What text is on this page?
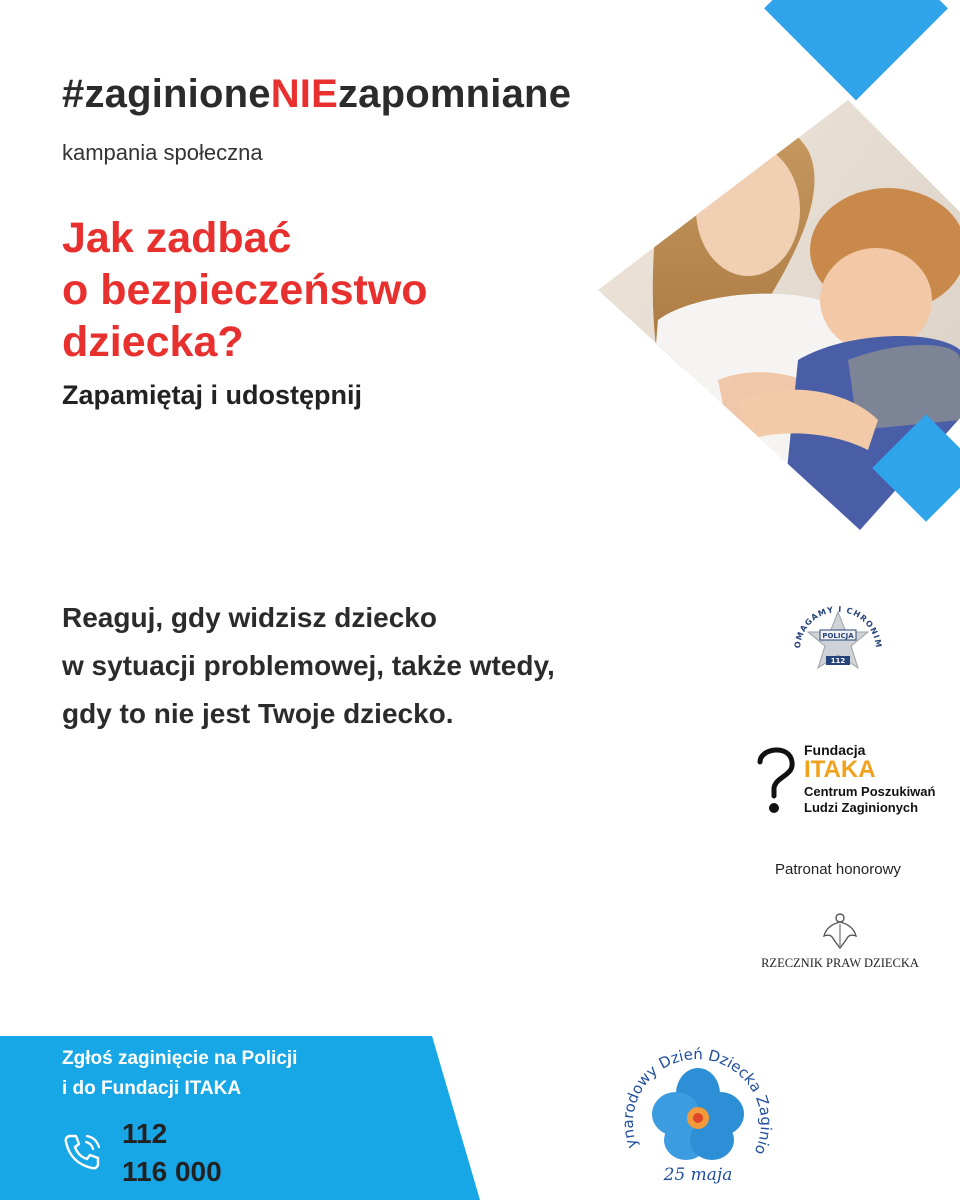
#zaginioneNIEzapomniane
kampania społeczna
Jak zadbać
o bezpieczeństwo
dziecka?
Zapamiętaj i udostępnij
Reaguj, gdy widzisz dziecko
w sytuacji problemowej, także wtedy,
gdy to nie jest Twoje dziecko.
POLICJA
112
OMAGAMY I CHRONIM
Fundacja
ITAKA
Centrum Poszukiwań
Ludzi Zaginionych
Patronat honorowy
RZECZNIK PRAW DZIECKA
Zgłoś zaginięcie na Policji
i do Fundacji ITAKA
112
116 000
ynarodowy Dzień Dziecka Zaginio
25 maja
